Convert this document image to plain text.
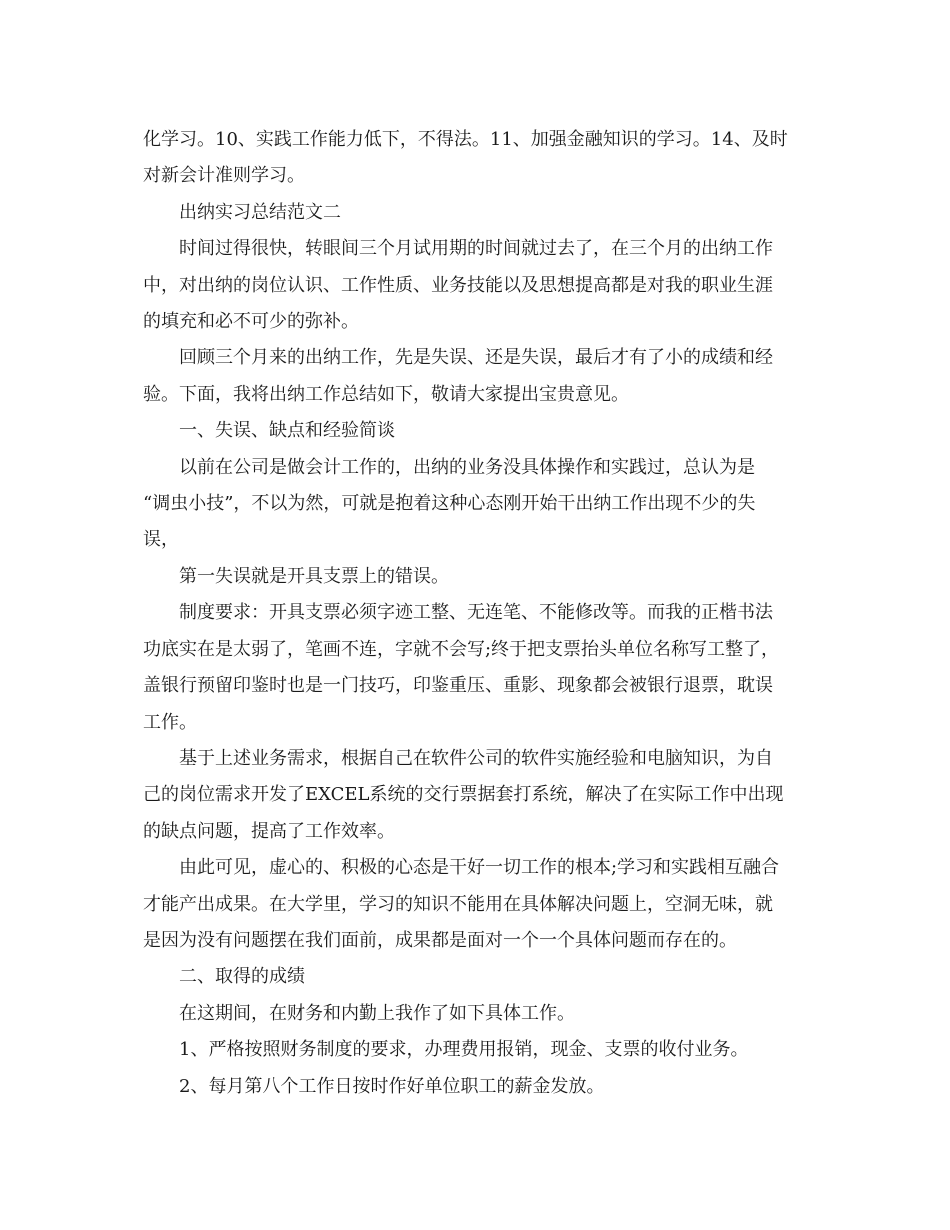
化学习。10、实践工作能力低下，不得法。11、加强金融知识的学习。14、及时
对新会计准则学习。

出纳实习总结范文二

时间过得很快，转眼间三个月试用期的时间就过去了，在三个月的出纳工作
中，对出纳的岗位认识、工作性质、业务技能以及思想提高都是对我的职业生涯
的填充和必不可少的弥补。

回顾三个月来的出纳工作，先是失误、还是失误，最后才有了小的成绩和经
验。下面，我将出纳工作总结如下，敬请大家提出宝贵意见。

一、失误、缺点和经验简谈

以前在公司是做会计工作的，出纳的业务没具体操作和实践过，总认为是
“调虫小技”，不以为然，可就是抱着这种心态刚开始干出纳工作出现不少的失
误，

第一失误就是开具支票上的错误。

制度要求：开具支票必须字迹工整、无连笔、不能修改等。而我的正楷书法
功底实在是太弱了，笔画不连，字就不会写;终于把支票抬头单位名称写工整了，
盖银行预留印鉴时也是一门技巧，印鉴重压、重影、现象都会被银行退票，耽误
工作。

基于上述业务需求，根据自己在软件公司的软件实施经验和电脑知识，为自
己的岗位需求开发了EXCEL系统的交行票据套打系统，解决了在实际工作中出现
的缺点问题，提高了工作效率。

由此可见，虚心的、积极的心态是干好一切工作的根本;学习和实践相互融合
才能产出成果。在大学里，学习的知识不能用在具体解决问题上，空洞无味，就
是因为没有问题摆在我们面前，成果都是面对一个一个具体问题而存在的。

二、取得的成绩

在这期间，在财务和内勤上我作了如下具体工作。

1、严格按照财务制度的要求，办理费用报销，现金、支票的收付业务。

2、每月第八个工作日按时作好单位职工的薪金发放。
